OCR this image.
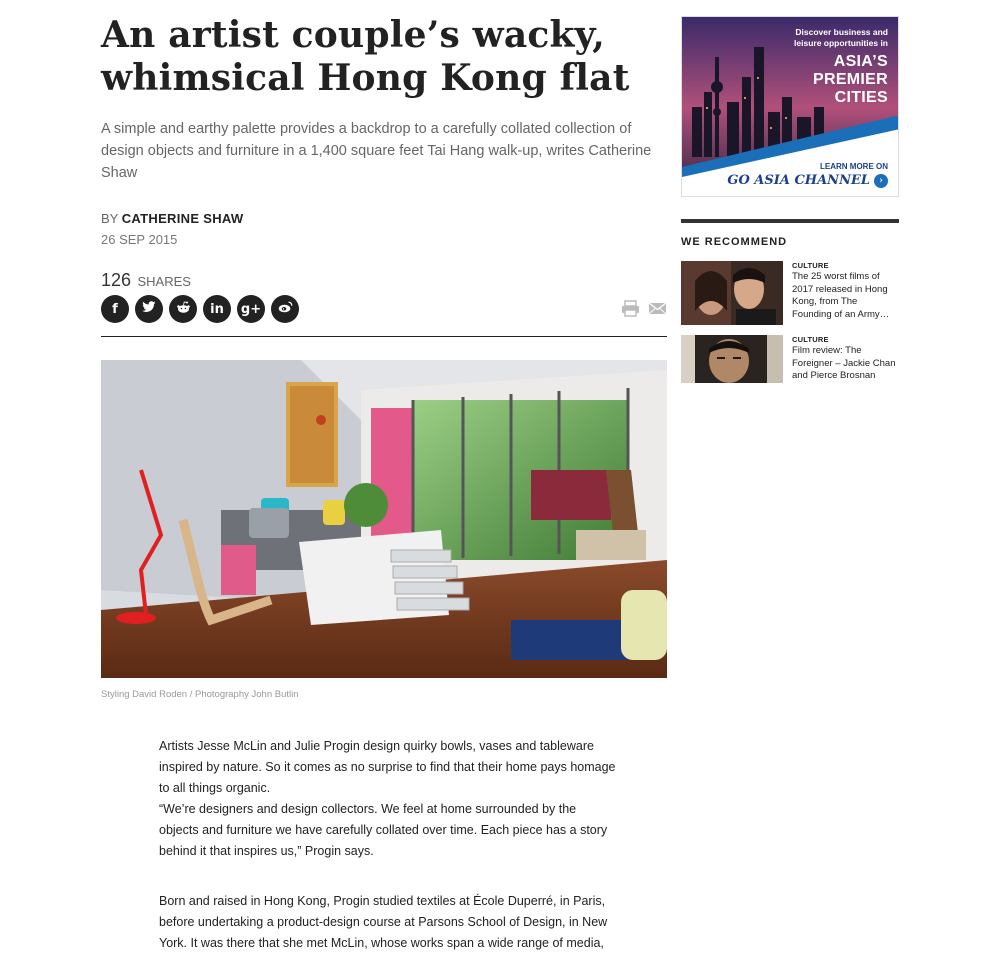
An artist couple’s wacky, whimsical Hong Kong flat

A simple and earthy palette provides a backdrop to a carefully collated collection of design objects and furniture in a 1,400 square feet Tai Hang walk-up, writes Catherine Shaw

BY CATHERINE SHAW
26 SEP 2015
126 SHARES
f	in g+
Styling David Roden / Photography John Butlin

Artists Jesse McLin and Julie Progin design quirky bowls, vases and tableware inspired by nature. So it comes as no surprise to find that their home pays homage to all things organic.

“We’re designers and design collectors. We feel at home surrounded by the objects and furniture we have carefully collated over time. Each piece has a story behind it that inspires us,” Progin says.

Born and raised in Hong Kong, Progin studied textiles at École Duperré, in Paris, before undertaking a product-design course at Parsons School of Design, in New York. It was there that she met McLin, whose works span a wide range of media,

Discover business and
leisure opportunities in
ASIA’S
PREMIER
CITIES
LEARN MORE ON
GO ASIA CHANNEL	›
WE RECOMMEND
CULTURE
The 25 worst films of 2017 released in Hong Kong, from The Founding of an Army…
CULTURE
Film review: The Foreigner – Jackie Chan and Pierce Brosnan
